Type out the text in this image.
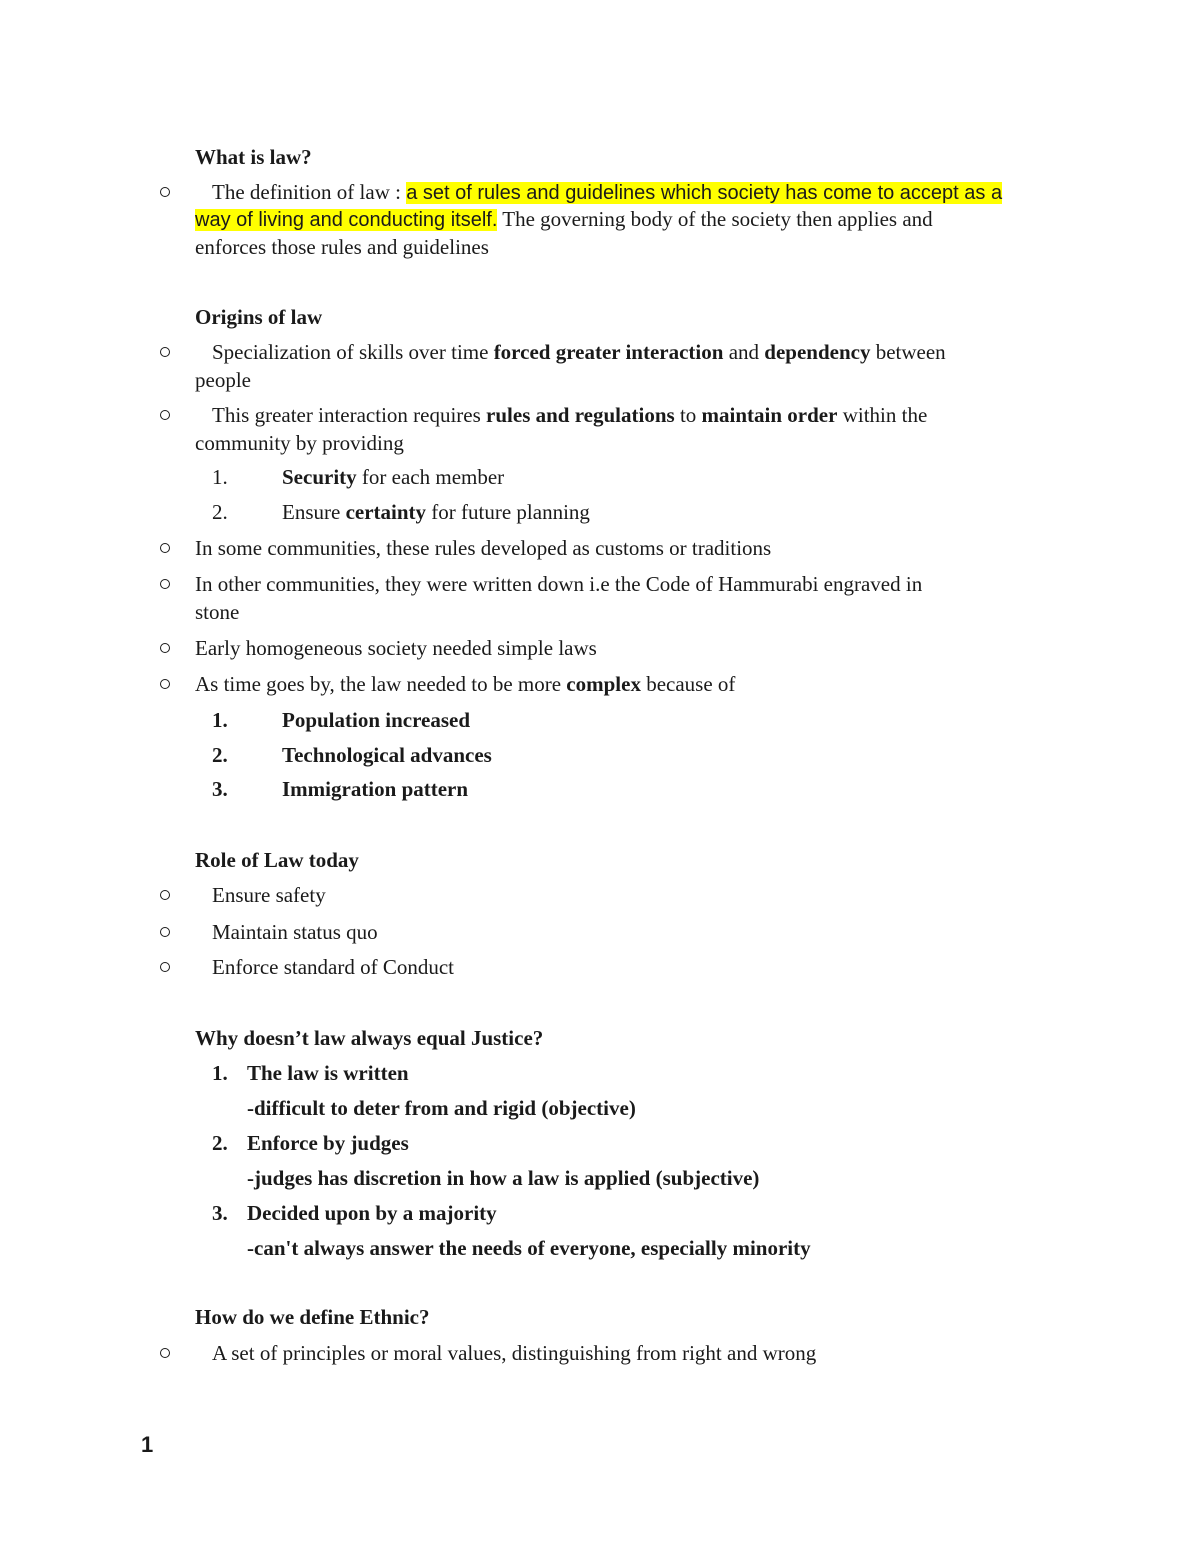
What is law?
The definition of law : a set of rules and guidelines which society has come to accept as a
way of living and conducting itself. The governing body of the society then applies and
enforces those rules and guidelines
Origins of law
Specialization of skills over time forced greater interaction and dependency between
people
This greater interaction requires rules and regulations to maintain order within the
community by providing
1.	Security for each member
2.	Ensure certainty for future planning
In some communities, these rules developed as customs or traditions
In other communities, they were written down i.e the Code of Hammurabi engraved in
stone
Early homogeneous society needed simple laws
As time goes by, the law needed to be more complex because of
1.	Population increased
2.	Technological advances
3.	Immigration pattern
Role of Law today
Ensure safety
Maintain status quo
Enforce standard of Conduct
Why doesn’t law always equal Justice?
1. The law is written
-difficult to deter from and rigid (objective)
2. Enforce by judges
-judges has discretion in how a law is applied (subjective)
3. Decided upon by a majority
-can't always answer the needs of everyone, especially minority
How do we define Ethnic?
A set of principles or moral values, distinguishing from right and wrong
1
